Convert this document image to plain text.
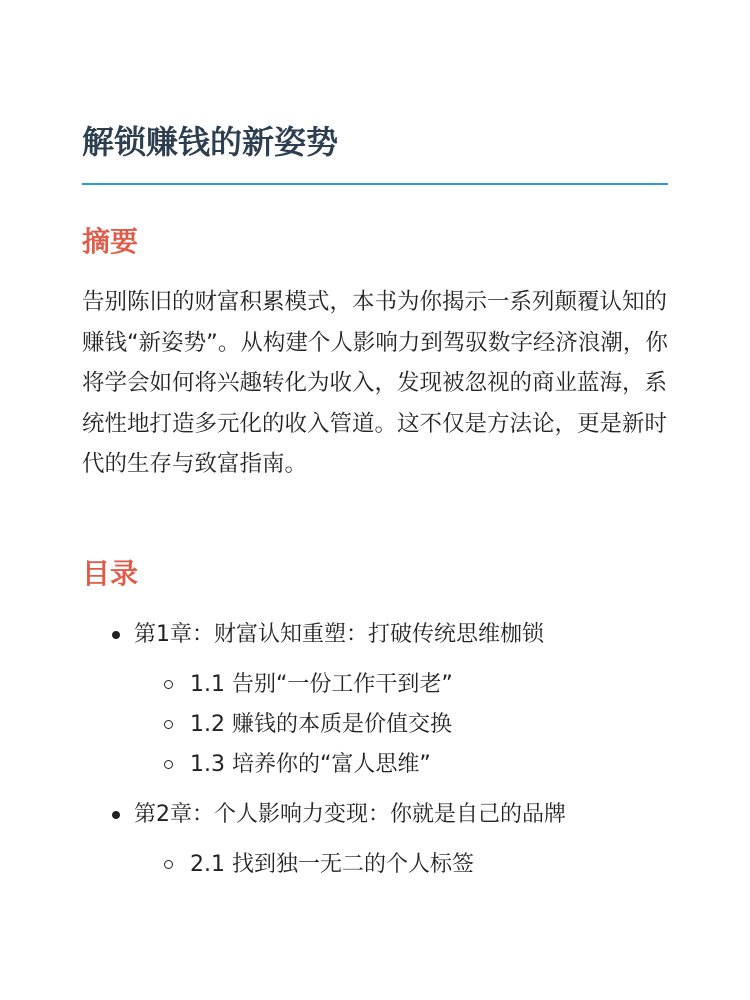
解锁赚钱的新姿势
摘要

告别陈旧的财富积累模式，本书为你揭示一系列颠覆认知的赚钱“新姿势”。从构建个人影响力到驾驭数字经济浪潮，你将学会如何将兴趣转化为收入，发现被忽视的商业蓝海，系统性地打造多元化的收入管道。这不仅是方法论，更是新时代的生存与致富指南。

目录
第1章：财富认知重塑：打破传统思维枷锁
1.1 告别“一份工作干到老”
1.2 赚钱的本质是价值交换
1.3 培养你的“富人思维”
第2章：个人影响力变现：你就是自己的品牌
2.1 找到独一无二的个人标签
